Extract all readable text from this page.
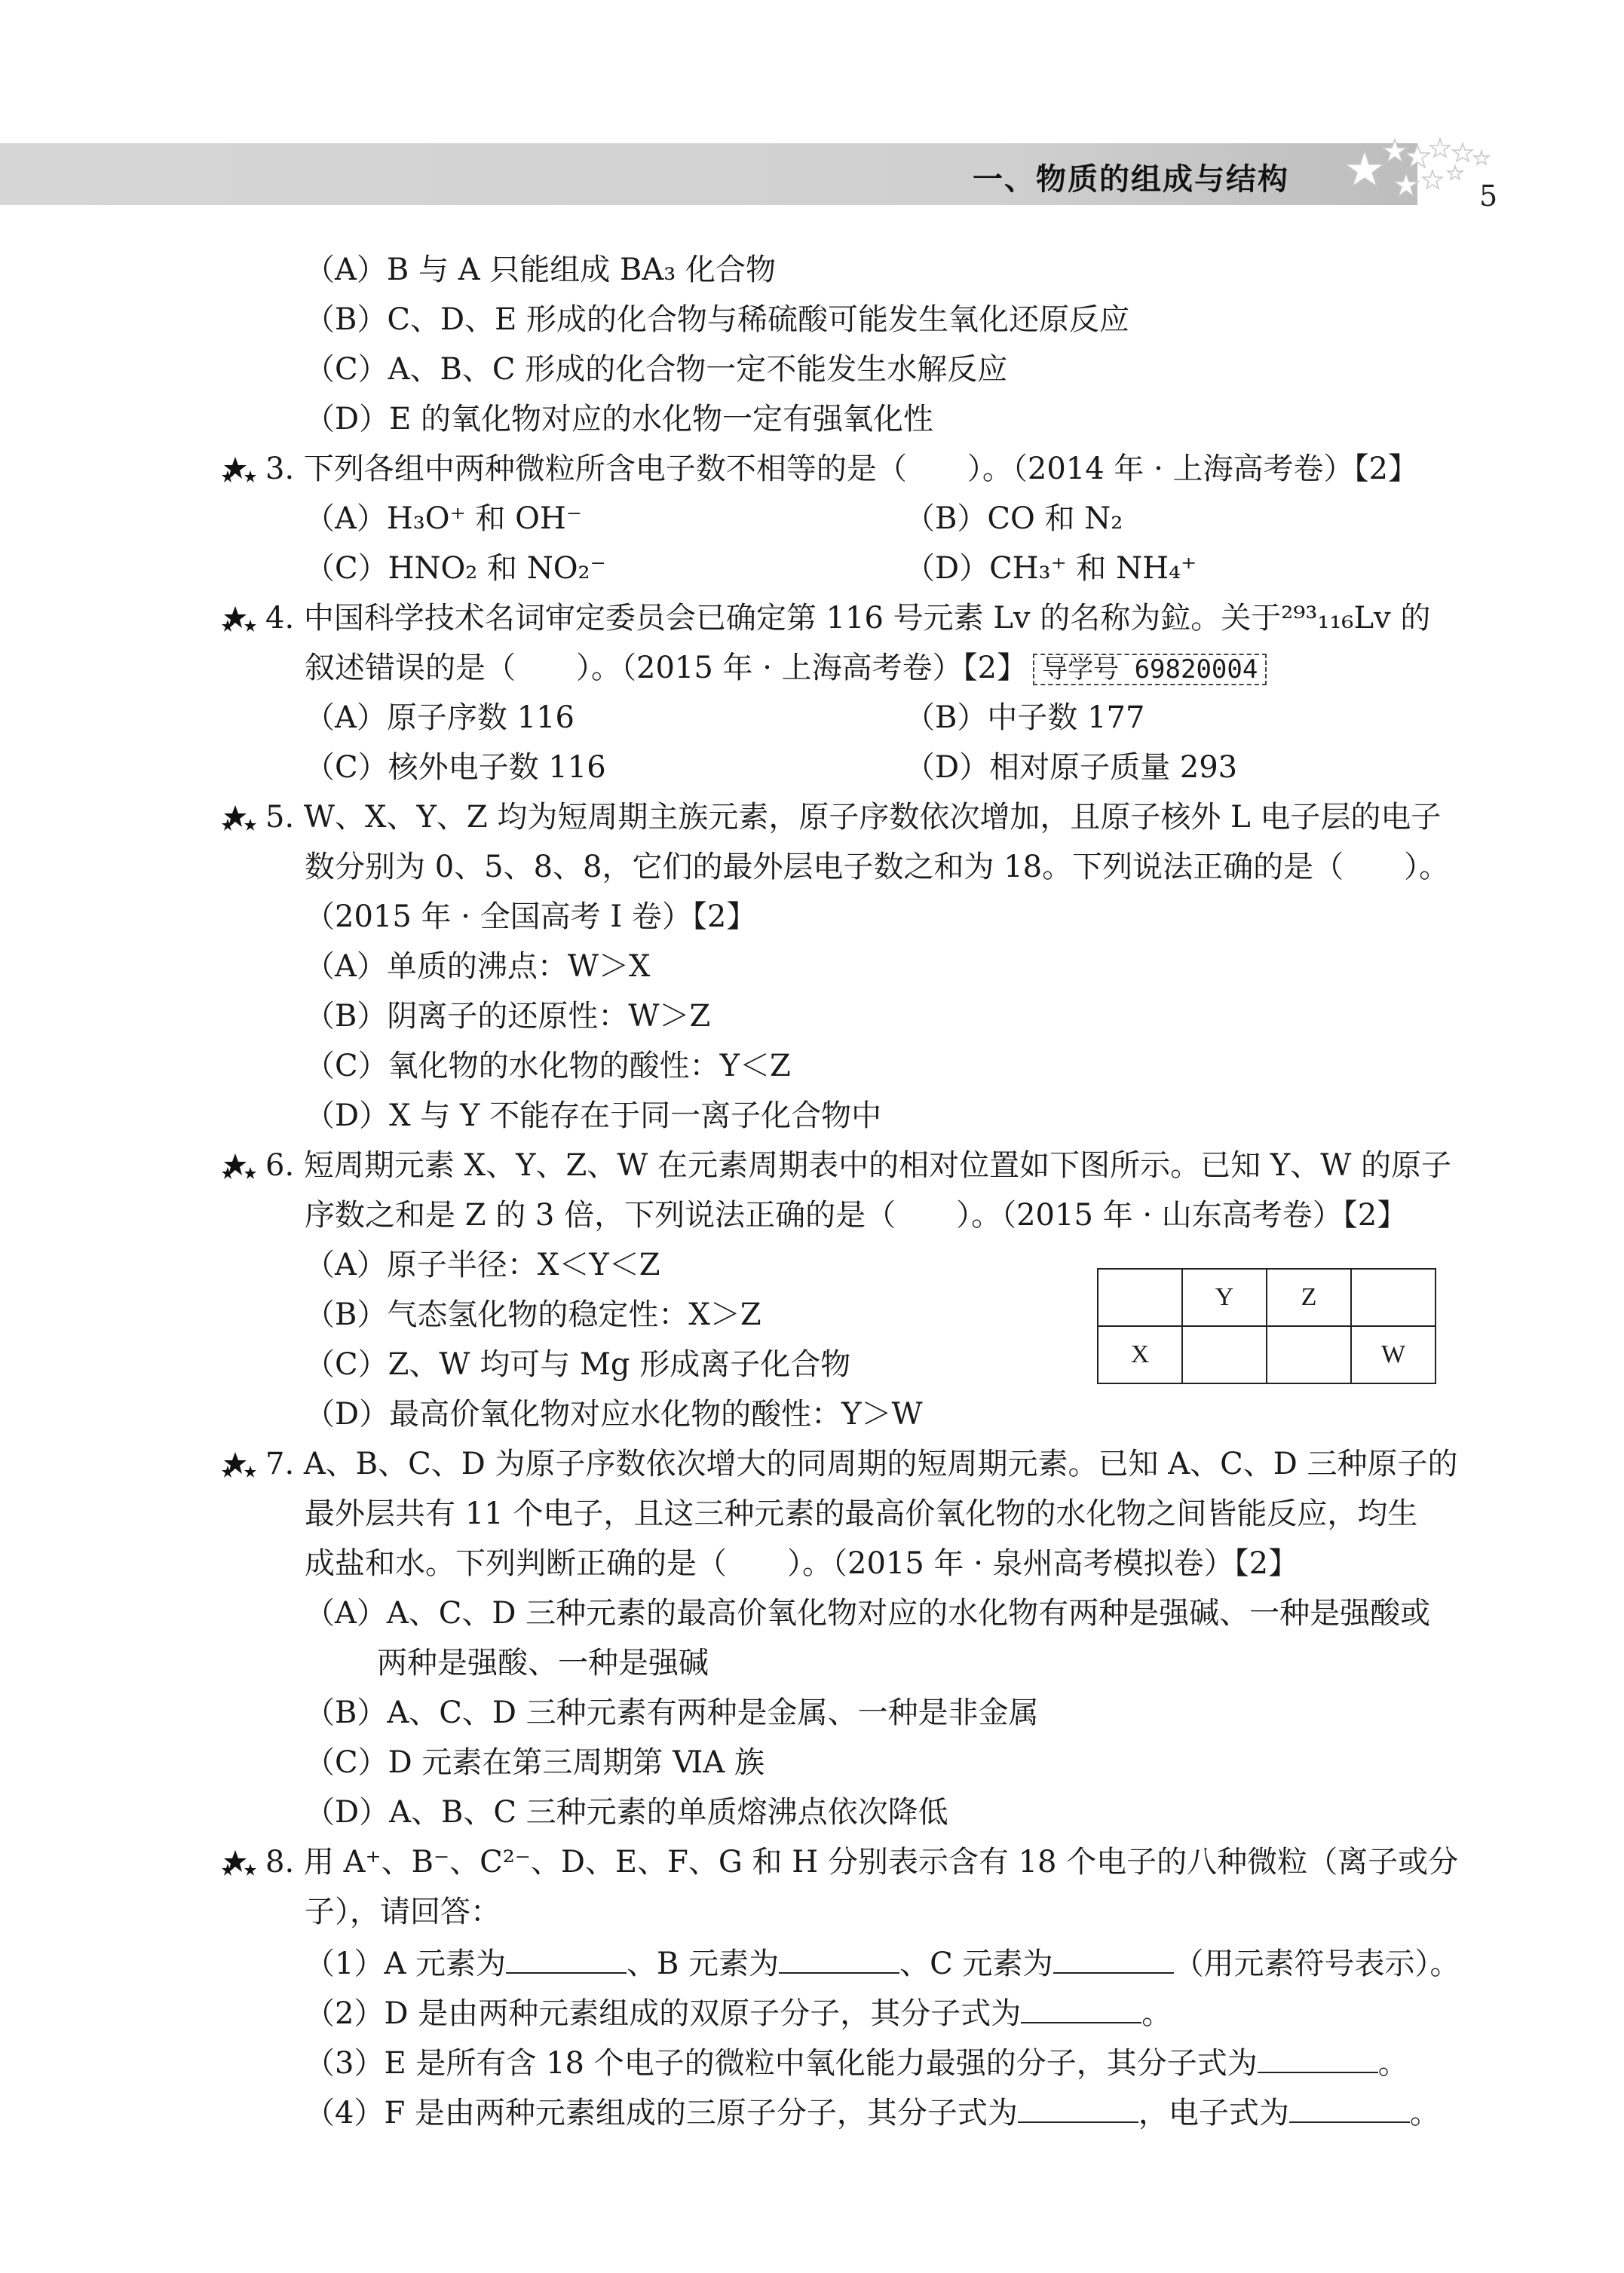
一、物质的组成与结构	5
（A）B 与 A 只能组成 BA₃ 化合物
（B）C、D、E 形成的化合物与稀硫酸可能发生氧化还原反应
（C）A、B、C 形成的化合物一定不能发生水解反应
（D）E 的氧化物对应的水化物一定有强氧化性
3. 下列各组中两种微粒所含电子数不相等的是（　　）。（2014 年 · 上海高考卷）【2】
（A）H₃O⁺ 和 OH⁻	（B）CO 和 N₂
（C）HNO₂ 和 NO₂⁻	（D）CH₃⁺ 和 NH₄⁺
4. 中国科学技术名词审定委员会已确定第 116 号元素 Lv 的名称为鉝。关于²⁹³₁₁₆Lv 的
叙述错误的是（　　）。（2015 年 · 上海高考卷）【2】 导学号 69820004
（A）原子序数 116	（B）中子数 177
（C）核外电子数 116	（D）相对原子质量 293
5. W、X、Y、Z 均为短周期主族元素，原子序数依次增加，且原子核外 L 电子层的电子
数分别为 0、5、8、8，它们的最外层电子数之和为 18。下列说法正确的是（　　）。
（2015 年 · 全国高考 Ⅰ 卷）【2】
（A）单质的沸点：W＞X
（B）阴离子的还原性：W＞Z
（C）氧化物的水化物的酸性：Y＜Z
（D）X 与 Y 不能存在于同一离子化合物中
6. 短周期元素 X、Y、Z、W 在元素周期表中的相对位置如下图所示。已知 Y、W 的原子
序数之和是 Z 的 3 倍，下列说法正确的是（　　）。（2015 年 · 山东高考卷）【2】
（A）原子半径：X＜Y＜Z
（B）气态氢化物的稳定性：X＞Z
（C）Z、W 均可与 Mg 形成离子化合物
（D）最高价氧化物对应水化物的酸性：Y＞W
	Y	Z	
X			W
7. A、B、C、D 为原子序数依次增大的同周期的短周期元素。已知 A、C、D 三种原子的
最外层共有 11 个电子，且这三种元素的最高价氧化物的水化物之间皆能反应，均生
成盐和水。下列判断正确的是（　　）。（2015 年 · 泉州高考模拟卷）【2】
（A）A、C、D 三种元素的最高价氧化物对应的水化物有两种是强碱、一种是强酸或
两种是强酸、一种是强碱
（B）A、C、D 三种元素有两种是金属、一种是非金属
（C）D 元素在第三周期第 ⅥA 族
（D）A、B、C 三种元素的单质熔沸点依次降低
8. 用 A⁺、B⁻、C²⁻、D、E、F、G 和 H 分别表示含有 18 个电子的八种微粒（离子或分
子），请回答：
（1）A 元素为	、B 元素为	、C 元素为	（用元素符号表示）。
（2）D 是由两种元素组成的双原子分子，其分子式为	。
（3）E 是所有含 18 个电子的微粒中氧化能力最强的分子，其分子式为	。
（4）F 是由两种元素组成的三原子分子，其分子式为	，电子式为	。
